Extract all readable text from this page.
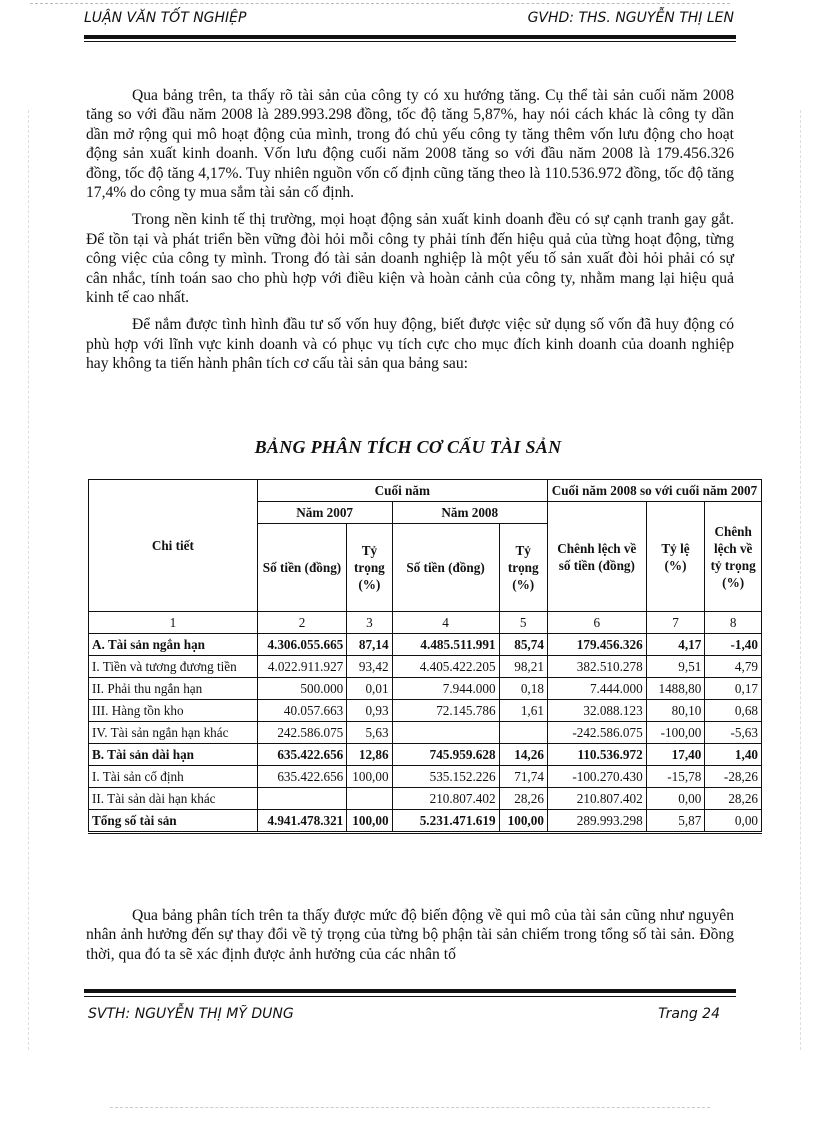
LUẬN VĂN TỐT NGHIỆP	GVHD: THS. NGUYỄN THỊ LEN

Qua bảng trên, ta thấy rõ tài sản của công ty có xu hướng tăng. Cụ thể tài sản cuối năm 2008 tăng so với đầu năm 2008 là 289.993.298 đồng, tốc độ tăng 5,87%, hay nói cách khác là công ty dần dần mở rộng qui mô hoạt động của mình, trong đó chủ yếu công ty tăng thêm vốn lưu động cho hoạt động sản xuất kinh doanh. Vốn lưu động cuối năm 2008 tăng so với đầu năm 2008 là 179.456.326 đồng, tốc độ tăng 4,17%. Tuy nhiên nguồn vốn cố định cũng tăng theo là 110.536.972 đồng, tốc độ tăng 17,4% do công ty mua sắm tài sản cố định.

Trong nền kinh tế thị trường, mọi hoạt động sản xuất kinh doanh đều có sự cạnh tranh gay gắt. Để tồn tại và phát triển bền vững đòi hỏi mỗi công ty phải tính đến hiệu quả của từng hoạt động, từng công việc của công ty mình. Trong đó tài sản doanh nghiệp là một yếu tố sản xuất đòi hỏi phải có sự cân nhắc, tính toán sao cho phù hợp với điều kiện và hoàn cảnh của công ty, nhằm mang lại hiệu quả kinh tế cao nhất.

Để nắm được tình hình đầu tư số vốn huy động, biết được việc sử dụng số vốn đã huy động có phù hợp với lĩnh vực kinh doanh và có phục vụ tích cực cho mục đích kinh doanh của doanh nghiệp hay không ta tiến hành phân tích cơ cấu tài sản qua bảng sau:

BẢNG PHÂN TÍCH CƠ CẤU TÀI SẢN
Chi tiết	Cuối năm				Cuối năm 2008 so với cuối năm 2007		
	Năm 2007		Năm 2008		Chênh lệch về số tiền (đồng)	Tỷ lệ (%)	Chênh lệch về tỷ trọng (%)
	Số tiền (đồng)	Tỷ trọng (%)	Số tiền (đồng)	Tỷ trọng (%)			
1	2	3	4	5	6	7	8
A. Tài sản ngắn hạn	4.306.055.665	87,14	4.485.511.991	85,74	179.456.326	4,17	-1,40
I. Tiền và tương đương tiền	4.022.911.927	93,42	4.405.422.205	98,21	382.510.278	9,51	4,79
II. Phải thu ngắn hạn	500.000	0,01	7.944.000	0,18	7.444.000	1488,80	0,17
III. Hàng tồn kho	40.057.663	0,93	72.145.786	1,61	32.088.123	80,10	0,68
IV. Tài sản ngắn hạn khác	242.586.075	5,63			-242.586.075	-100,00	-5,63
B. Tài sản dài hạn	635.422.656	12,86	745.959.628	14,26	110.536.972	17,40	1,40
I. Tài sản cố định	635.422.656	100,00	535.152.226	71,74	-100.270.430	-15,78	-28,26
II. Tài sản dài hạn khác			210.807.402	28,26	210.807.402	0,00	28,26
Tổng số tài sản	4.941.478.321	100,00	5.231.471.619	100,00	289.993.298	5,87	0,00

Qua bảng phân tích trên ta thấy được mức độ biến động về qui mô của tài sản cũng như nguyên nhân ảnh hưởng đến sự thay đổi về tỷ trọng của từng bộ phận tài sản chiếm trong tổng số tài sản. Đồng thời, qua đó ta sẽ xác định được ảnh hưởng của các nhân tố

SVTH: NGUYỄN THỊ MỸ DUNG	Trang 24
